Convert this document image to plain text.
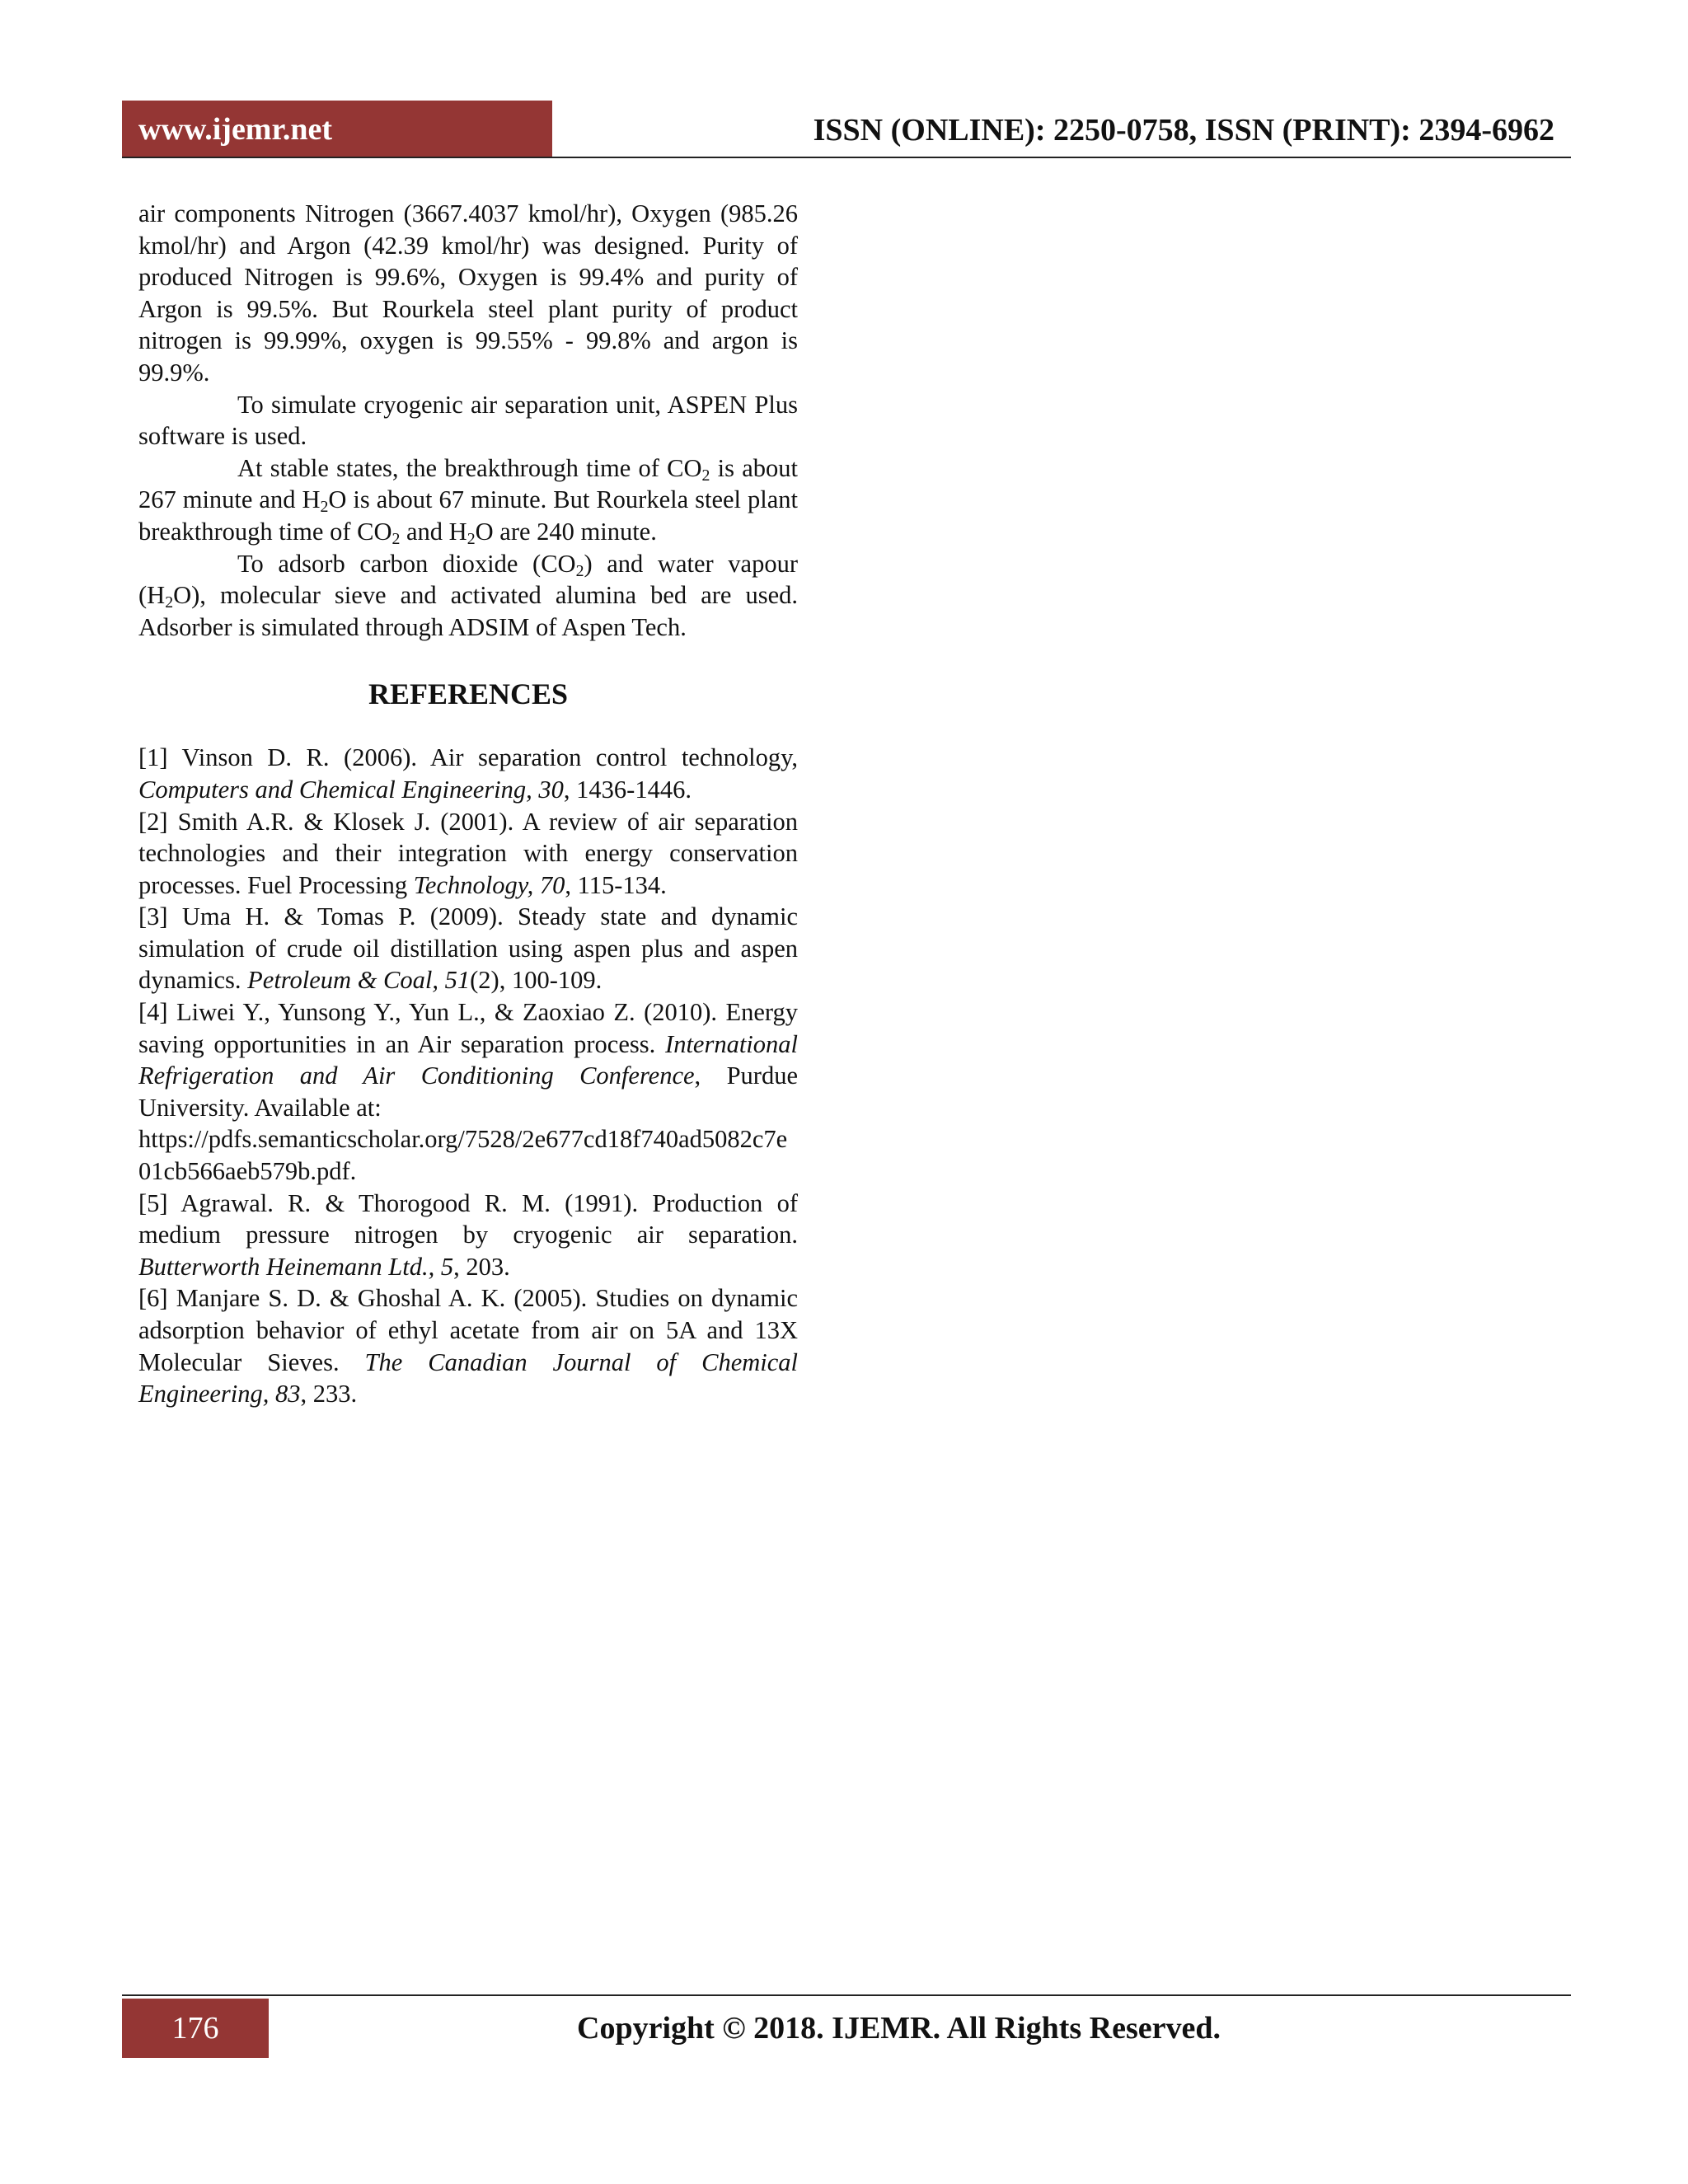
www.ijemr.net	ISSN (ONLINE): 2250-0758, ISSN (PRINT): 2394-6962

air components Nitrogen (3667.4037 kmol/hr), Oxygen (985.26 kmol/hr) and Argon (42.39 kmol/hr) was designed. Purity of produced Nitrogen is 99.6%, Oxygen is 99.4% and purity of Argon is 99.5%. But Rourkela steel plant purity of product nitrogen is 99.99%, oxygen is 99.55% - 99.8% and argon is 99.9%.

To simulate cryogenic air separation unit, ASPEN Plus software is used.

At stable states, the breakthrough time of $CO_2$ is about 267 minute and $H_2O$ is about 67 minute. But Rourkela steel plant breakthrough time of $CO_2$ and $H_2O$ are 240 minute.

To adsorb carbon dioxide $(CO_2)$ and water vapour $(H_2O)$, molecular sieve and activated alumina bed are used. Adsorber is simulated through ADSIM of Aspen Tech.

REFERENCES

[1] Vinson D. R. (2006). Air separation control technology, Computers and Chemical Engineering, 30, 1436-1446.

[2] Smith A.R. & Klosek J. (2001). A review of air separation technologies and their integration with energy conservation processes. Fuel Processing Technology, 70, 115-134.

[3] Uma H. & Tomas P. (2009). Steady state and dynamic simulation of crude oil distillation using aspen plus and aspen dynamics. Petroleum & Coal, 51(2), 100-109.

[4] Liwei Y., Yunsong Y., Yun L., & Zaoxiao Z. (2010). Energy saving opportunities in an Air separation process. International Refrigeration and Air Conditioning Conference, Purdue University. Available at:
https://pdfs.semanticscholar.org/7528/2e677cd18f740ad5082c7e01cb566aeb579b.pdf.

[5] Agrawal. R. & Thorogood R. M. (1991). Production of medium pressure nitrogen by cryogenic air separation. Butterworth Heinemann Ltd., 5, 203.

[6] Manjare S. D. & Ghoshal A. K. (2005). Studies on dynamic adsorption behavior of ethyl acetate from air on 5A and 13X Molecular Sieves. The Canadian Journal of Chemical Engineering, 83, 233.

176	Copyright © 2018. IJEMR. All Rights Reserved.
